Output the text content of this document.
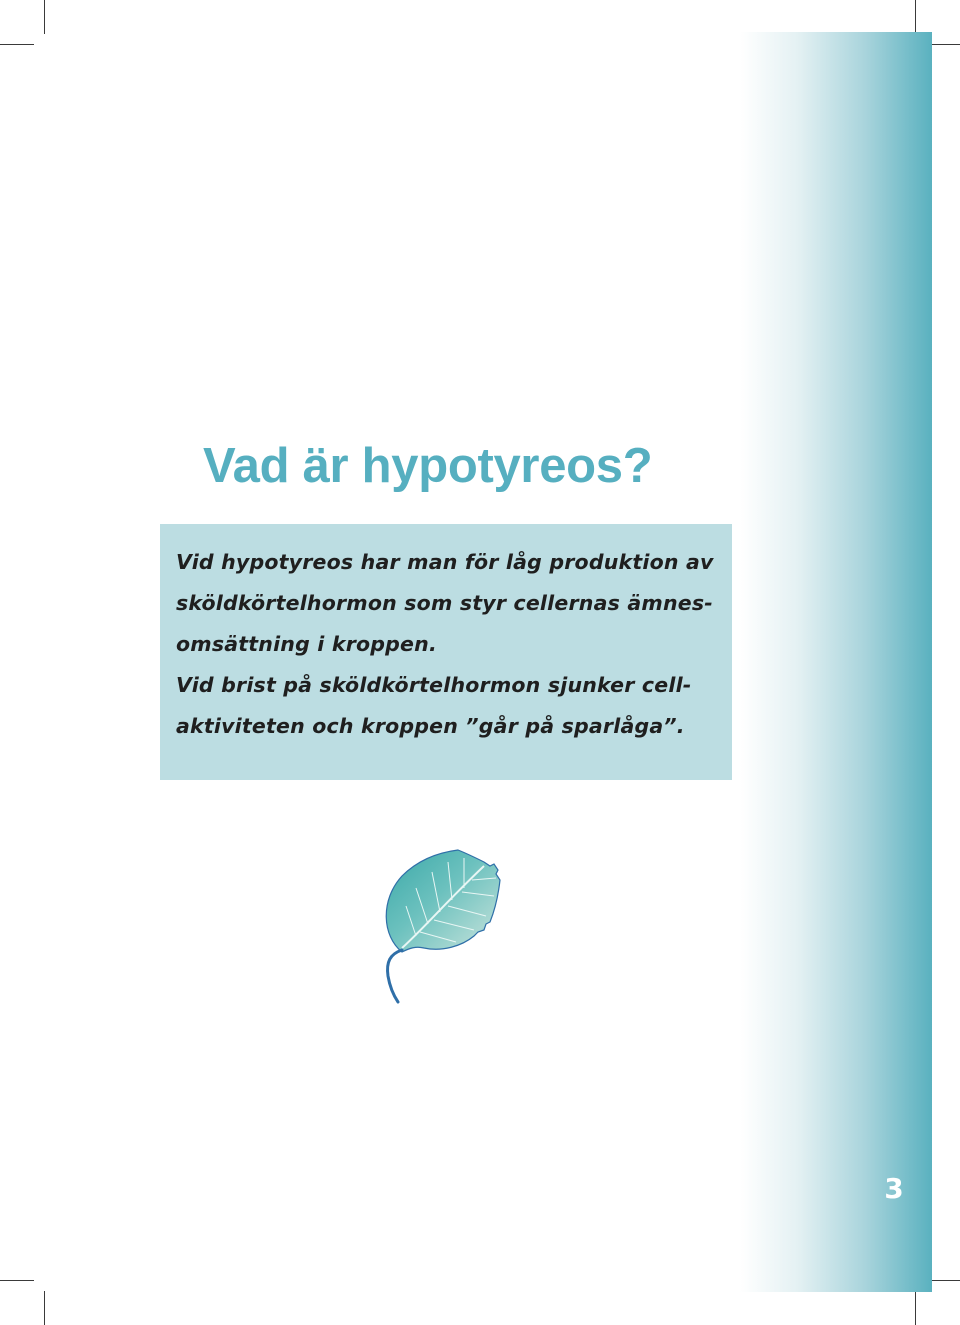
3
Vad är hypotyreos?
Vid hypotyreos har man för låg produktion av
sköldkörtelhormon som styr cellernas ämnes-
omsättning i kroppen.
Vid brist på sköldkörtelhormon sjunker cell-
aktiviteten och kroppen ”går på sparlåga”.
